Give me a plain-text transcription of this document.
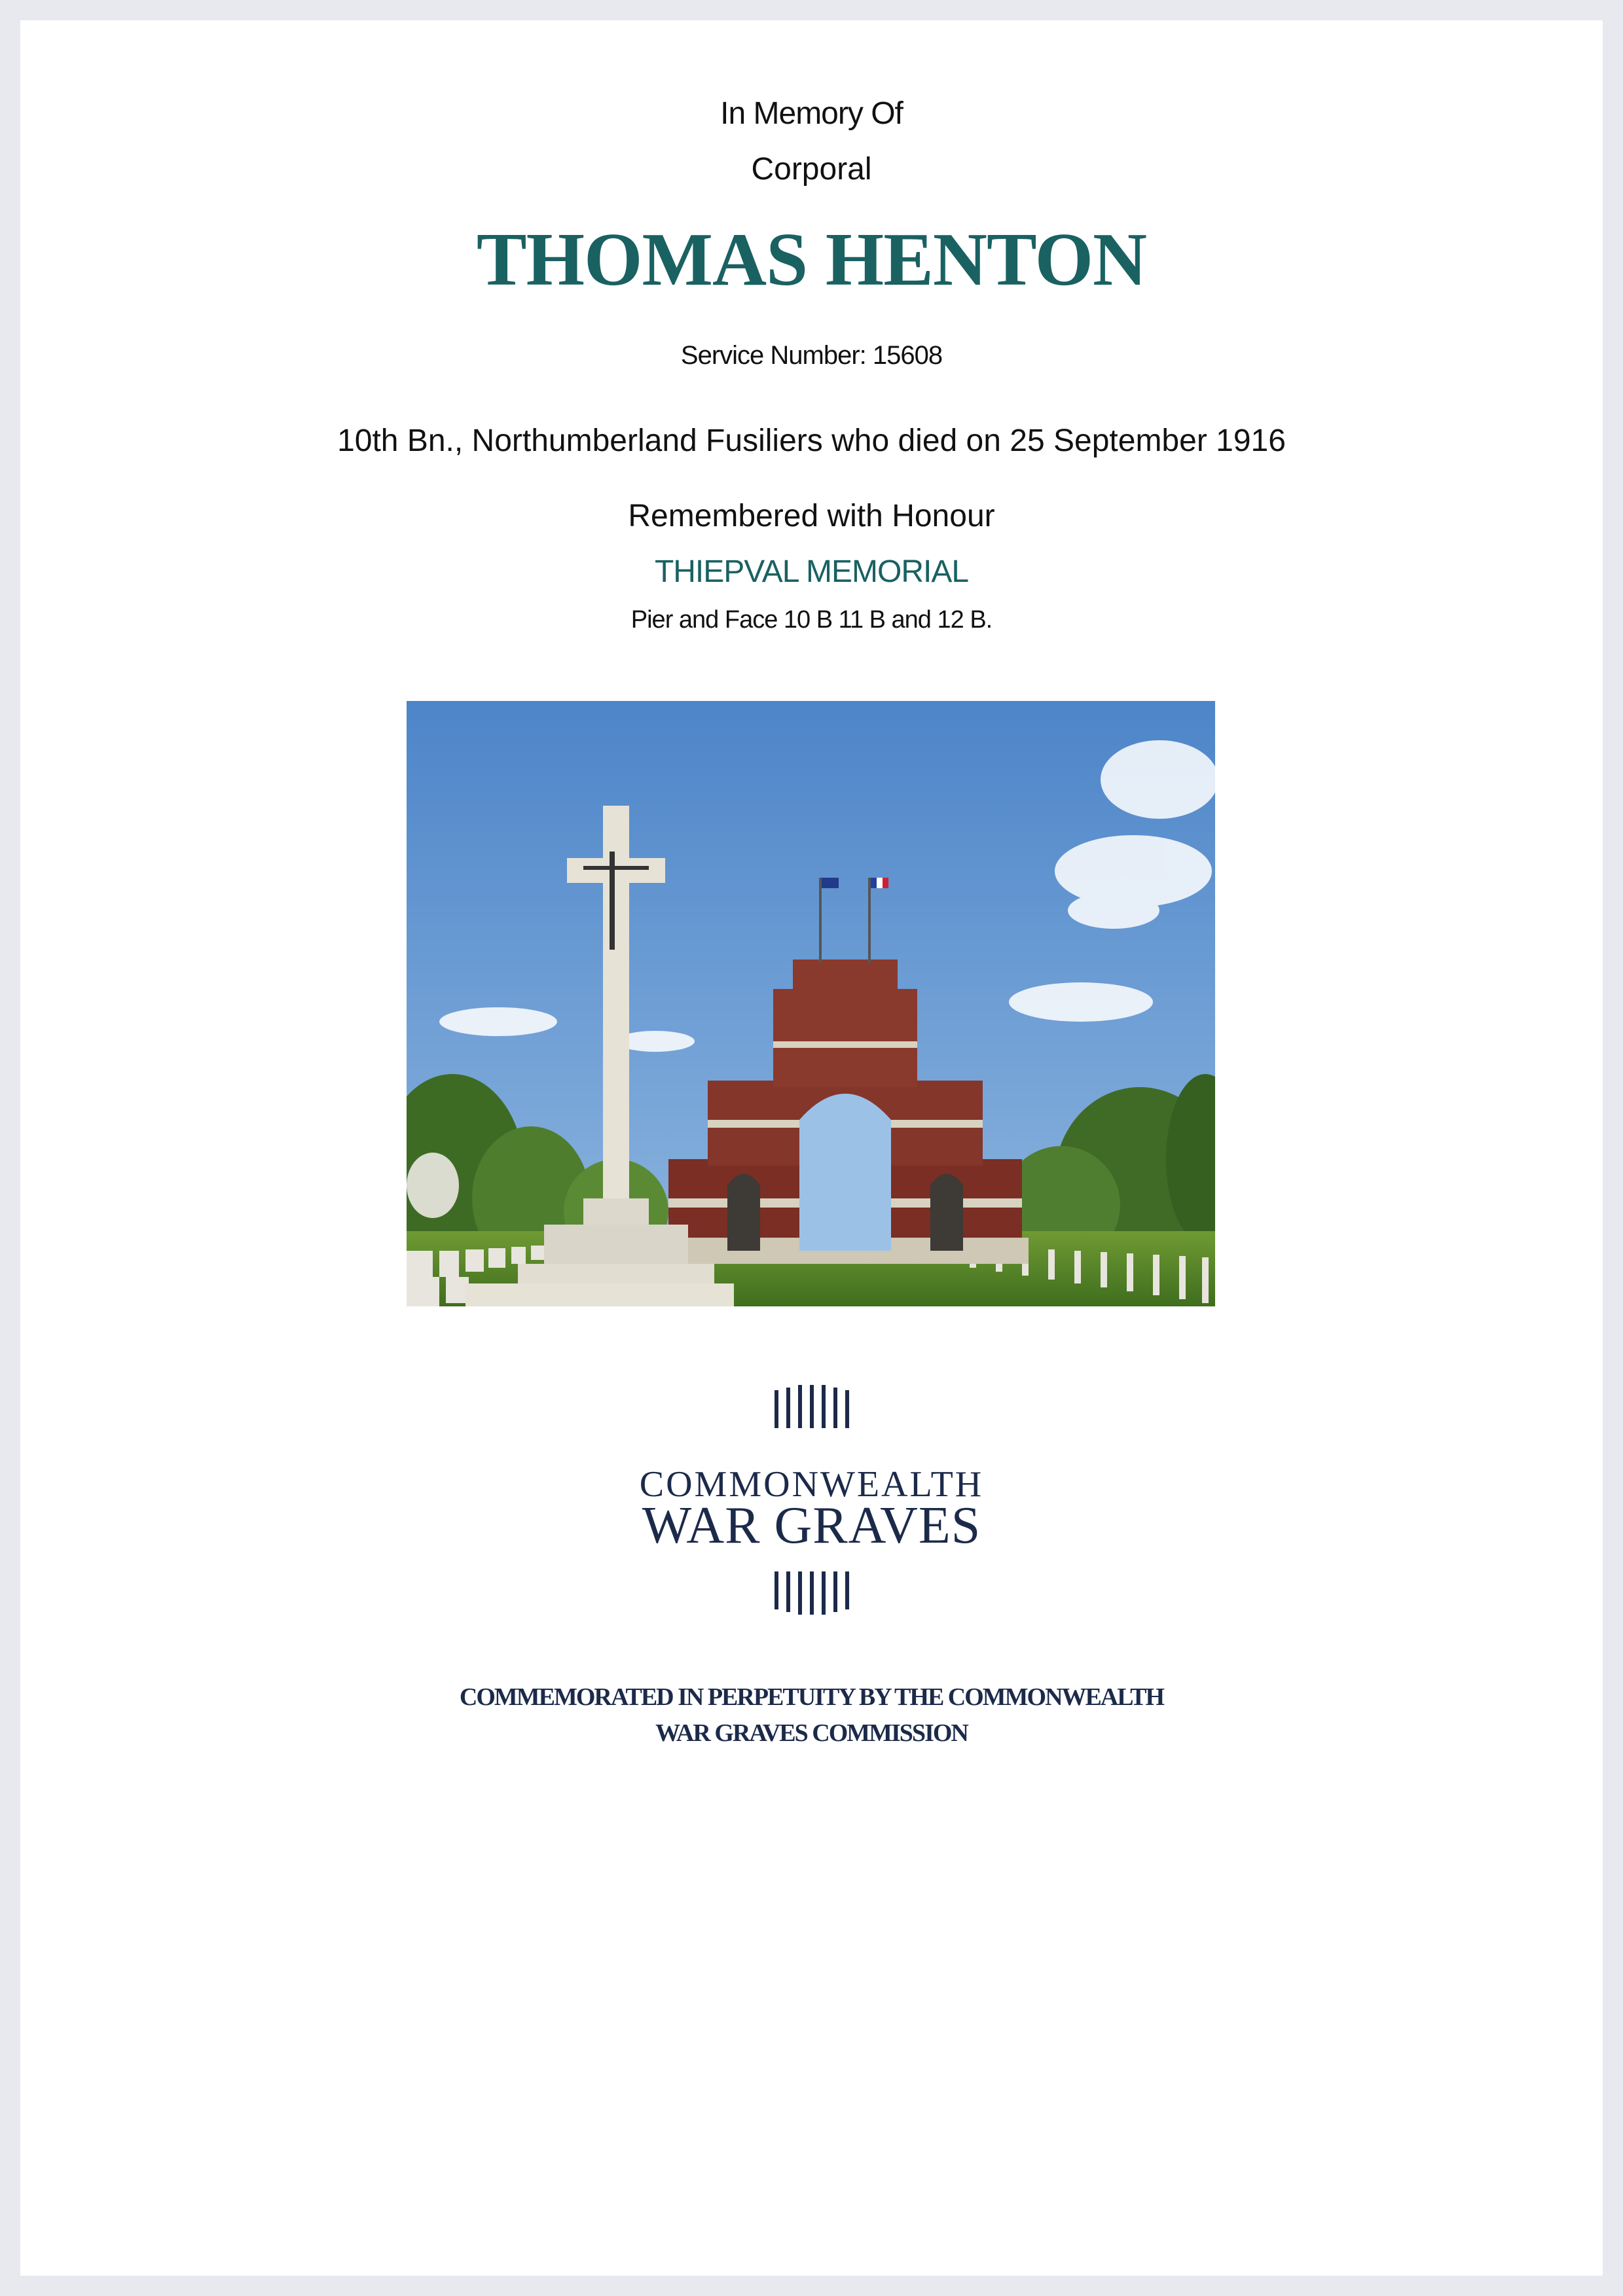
In Memory Of
Corporal
THOMAS HENTON
Service Number: 15608
10th Bn., Northumberland Fusiliers who died on 25 September 1916
Remembered with Honour
THIEPVAL MEMORIAL
Pier and Face 10 B 11 B and 12 B.
COMMONWEALTH
WAR GRAVES
COMMEMORATED IN PERPETUITY BY THE COMMONWEALTH
WAR GRAVES COMMISSION
